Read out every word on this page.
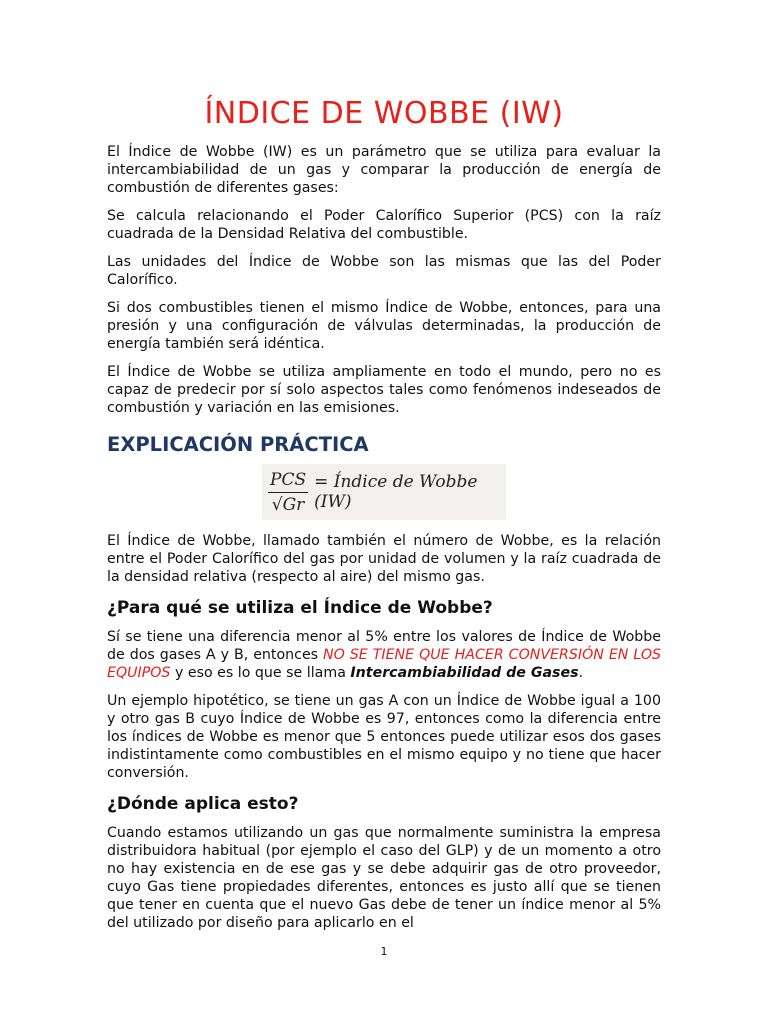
ÍNDICE DE WOBBE (IW)

El Índice de Wobbe (IW) es un parámetro que se utiliza para evaluar la intercambiabilidad de un gas y comparar la producción de energía de combustión de diferentes gases:

Se calcula relacionando el Poder Calorífico Superior (PCS) con la raíz cuadrada de la Densidad Relativa del combustible.

Las unidades del Índice de Wobbe son las mismas que las del Poder Calorífico.

Si dos combustibles tienen el mismo Índice de Wobbe, entonces, para una presión y una configuración de válvulas determinadas, la producción de energía también será idéntica.

El Índice de Wobbe se utiliza ampliamente en todo el mundo, pero no es capaz de predecir por sí solo aspectos tales como fenómenos indeseados de combustión y variación en las emisiones.

EXPLICACIÓN PRÁCTICA
$\frac{\text{PCS}}{√Gr}$ = Índice de Wobbe (IW)

El Índice de Wobbe, llamado también el número de Wobbe, es la relación entre el Poder Calorífico del gas por unidad de volumen y la raíz cuadrada de la densidad relativa (respecto al aire) del mismo gas.

¿Para qué se utiliza el Índice de Wobbe?

Sí se tiene una diferencia menor al 5% entre los valores de Índice de Wobbe de dos gases A y B, entonces NO SE TIENE QUE HACER CONVERSIÓN EN LOS EQUIPOS y eso es lo que se llama Intercambiabilidad de Gases.

Un ejemplo hipotético, se tiene un gas A con un Índice de Wobbe igual a 100 y otro gas B cuyo Índice de Wobbe es 97, entonces como la diferencia entre los índices de Wobbe es menor que 5 entonces puede utilizar esos dos gases indistintamente como combustibles en el mismo equipo y no tiene que hacer conversión.

¿Dónde aplica esto?

Cuando estamos utilizando un gas que normalmente suministra la empresa distribuidora habitual (por ejemplo el caso del GLP) y de un momento a otro no hay existencia en de ese gas y se debe adquirir gas de otro proveedor, cuyo Gas tiene propiedades diferentes, entonces es justo allí que se tienen que tener en cuenta que el nuevo Gas debe de tener un índice menor al 5% del utilizado por diseño para aplicarlo en el

1
